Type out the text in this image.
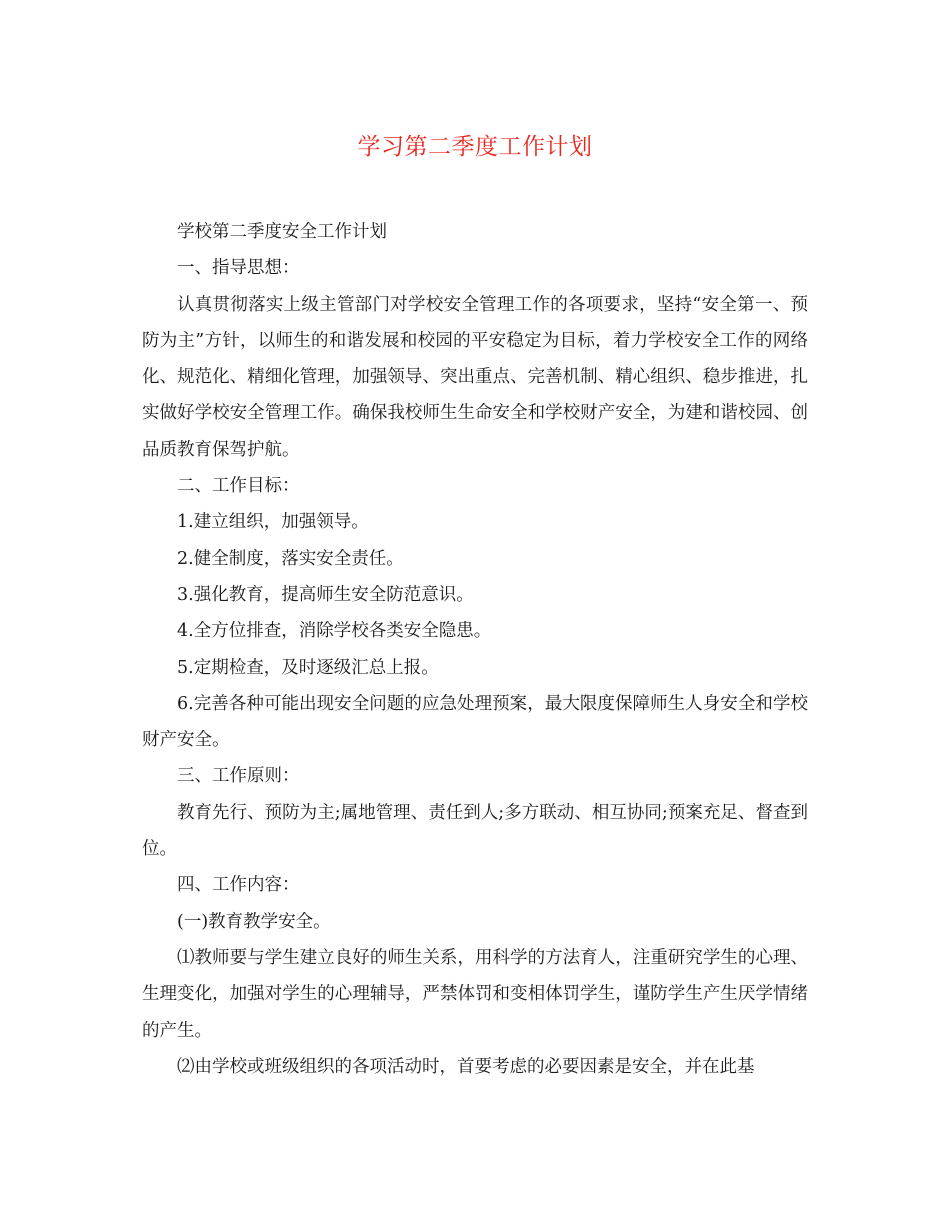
学习第二季度工作计划

学校第二季度安全工作计划

一、指导思想：

认真贯彻落实上级主管部门对学校安全管理工作的各项要求，坚持“安全第一、预防为主”方针，以师生的和谐发展和校园的平安稳定为目标，着力学校安全工作的网络化、规范化、精细化管理，加强领导、突出重点、完善机制、精心组织、稳步推进，扎实做好学校安全管理工作。确保我校师生生命安全和学校财产安全，为建和谐校园、创品质教育保驾护航。

二、工作目标：

1.建立组织，加强领导。

2.健全制度，落实安全责任。

3.强化教育，提高师生安全防范意识。

4.全方位排查，消除学校各类安全隐患。

5.定期检查，及时逐级汇总上报。

6.完善各种可能出现安全问题的应急处理预案，最大限度保障师生人身安全和学校财产安全。

三、工作原则：

教育先行、预防为主;属地管理、责任到人;多方联动、相互协同;预案充足、督查到位。

四、工作内容：

(一)教育教学安全。

⑴教师要与学生建立良好的师生关系，用科学的方法育人，注重研究学生的心理、生理变化，加强对学生的心理辅导，严禁体罚和变相体罚学生，谨防学生产生厌学情绪的产生。

⑵由学校或班级组织的各项活动时，首要考虑的必要因素是安全，并在此基
